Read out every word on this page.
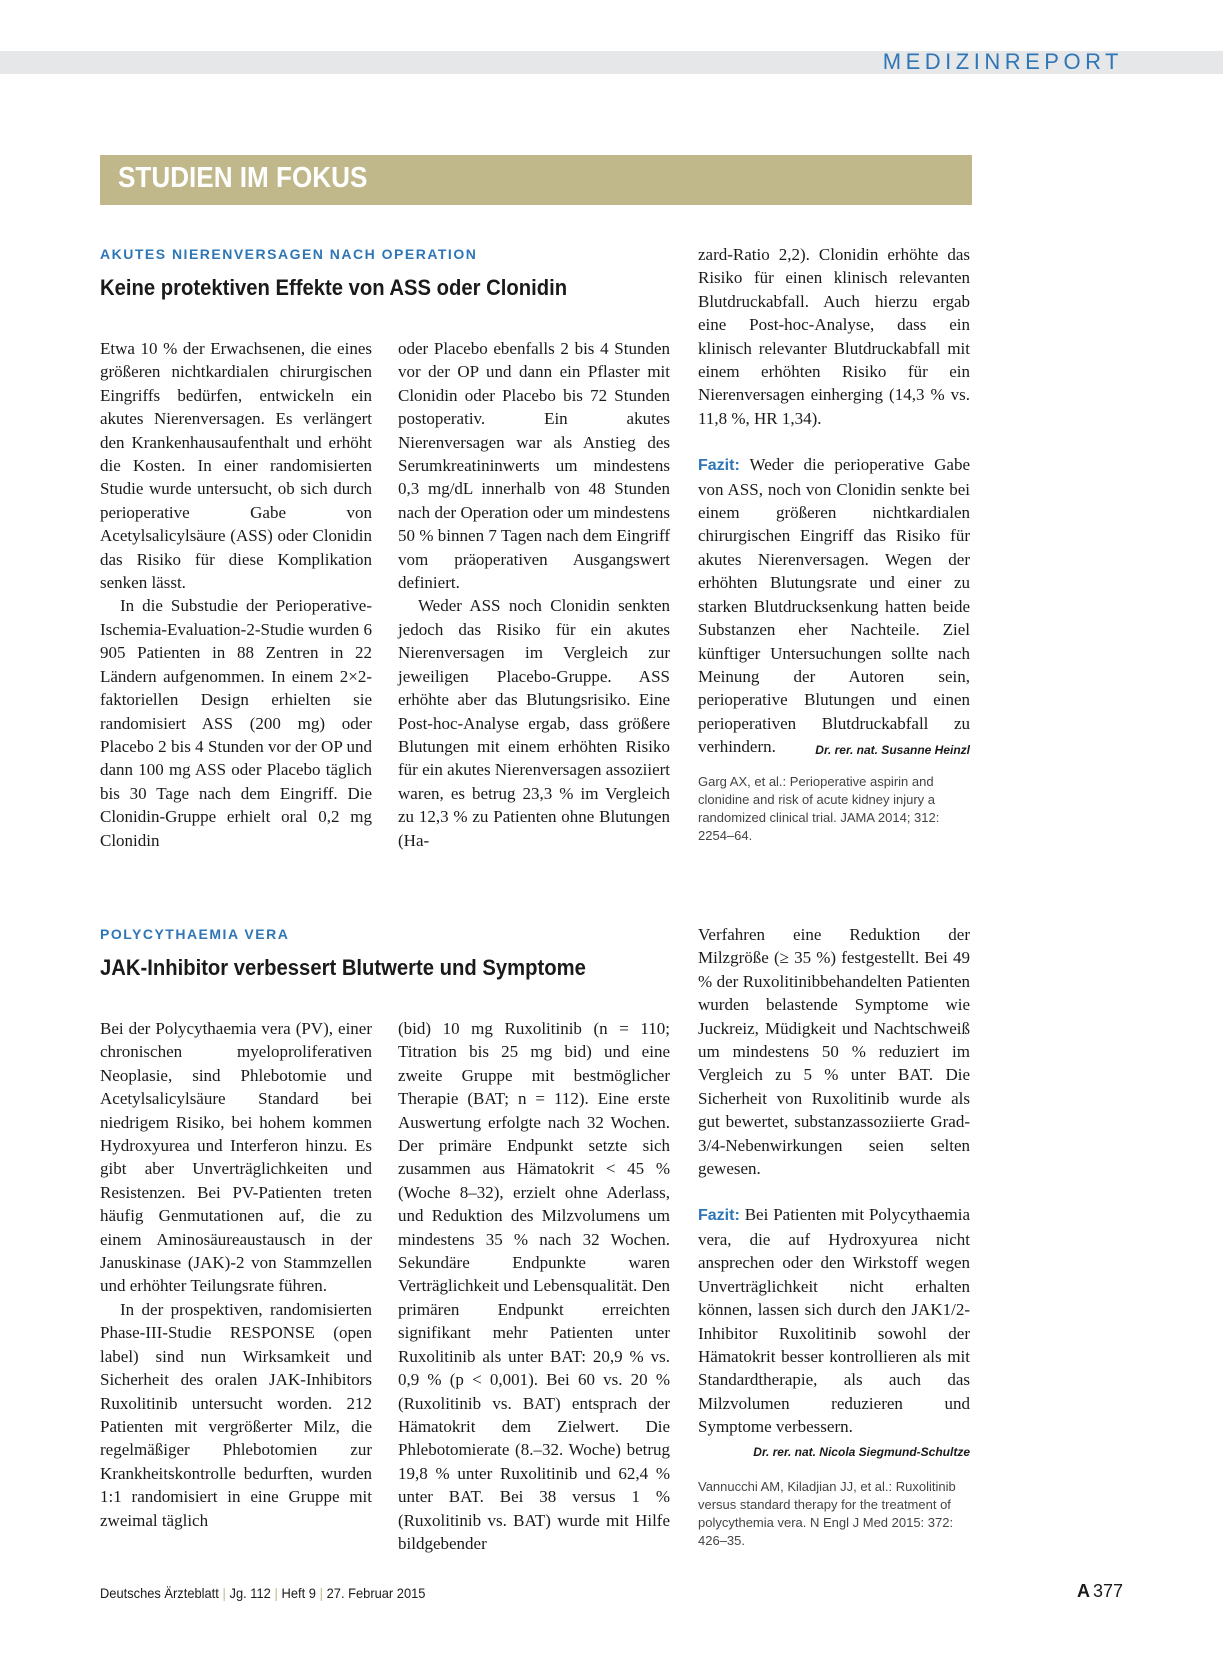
MEDIZINREPORT
STUDIEN IM FOKUS
AKUTES NIERENVERSAGEN NACH OPERATION
Keine protektiven Effekte von ASS oder Clonidin

Etwa 10 % der Erwachsenen, die eines größeren nichtkardialen chirurgischen Eingriffs bedürfen, entwickeln ein akutes Nierenversagen. Es verlängert den Krankenhausaufenthalt und erhöht die Kosten. In einer randomisierten Studie wurde untersucht, ob sich durch perioperative Gabe von Acetylsalicylsäure (ASS) oder Clonidin das Risiko für diese Komplikation senken lässt.

In die Substudie der Perioperative-Ischemia-Evaluation-2-Studie wurden 6 905 Patienten in 88 Zentren in 22 Ländern aufgenommen. In einem 2×2-faktoriellen Design erhielten sie randomisiert ASS (200 mg) oder Placebo 2 bis 4 Stunden vor der OP und dann 100 mg ASS oder Placebo täglich bis 30 Tage nach dem Eingriff. Die Clonidin-Gruppe erhielt oral 0,2 mg Clonidin

oder Placebo ebenfalls 2 bis 4 Stunden vor der OP und dann ein Pflaster mit Clonidin oder Placebo bis 72 Stunden postoperativ. Ein akutes Nierenversagen war als Anstieg des Serumkreatininwerts um mindestens 0,3 mg/dL innerhalb von 48 Stunden nach der Operation oder um mindestens 50 % binnen 7 Tagen nach dem Eingriff vom präoperativen Ausgangswert definiert.

Weder ASS noch Clonidin senkten jedoch das Risiko für ein akutes Nierenversagen im Vergleich zur jeweiligen Placebo-Gruppe. ASS erhöhte aber das Blutungsrisiko. Eine Post-hoc-Analyse ergab, dass größere Blutungen mit einem erhöhten Risiko für ein akutes Nierenversagen assoziiert waren, es betrug 23,3 % im Vergleich zu 12,3 % zu Patienten ohne Blutungen (Ha-

zard-Ratio 2,2). Clonidin erhöhte das Risiko für einen klinisch relevanten Blutdruckabfall. Auch hierzu ergab eine Post-hoc-Analyse, dass ein klinisch relevanter Blutdruckabfall mit einem erhöhten Risiko für ein Nierenversagen einherging (14,3 % vs. 11,8 %, HR 1,34).

Fazit: Weder die perioperative Gabe von ASS, noch von Clonidin senkte bei einem größeren nichtkardialen chirurgischen Eingriff das Risiko für akutes Nierenversagen. Wegen der erhöhten Blutungsrate und einer zu starken Blutdrucksenkung hatten beide Substanzen eher Nachteile. Ziel künftiger Untersuchungen sollte nach Meinung der Autoren sein, perioperative Blutungen und einen perioperativen Blutdruckabfall zu verhindern.	Dr. rer. nat. Susanne Heinzl

Garg AX, et al.: Perioperative aspirin and clonidine and risk of acute kidney injury a randomized clinical trial. JAMA 2014; 312: 2254–64.
POLYCYTHAEMIA VERA
JAK-Inhibitor verbessert Blutwerte und Symptome

Bei der Polycythaemia vera (PV), einer chronischen myeloproliferativen Neoplasie, sind Phlebotomie und Acetylsalicylsäure Standard bei niedrigem Risiko, bei hohem kommen Hydroxyurea und Interferon hinzu. Es gibt aber Unverträglichkeiten und Resistenzen. Bei PV-Patienten treten häufig Genmutationen auf, die zu einem Aminosäureaustausch in der Januskinase (JAK)-2 von Stammzellen und erhöhter Teilungsrate führen.

In der prospektiven, randomisierten Phase-III-Studie RESPONSE (open label) sind nun Wirksamkeit und Sicherheit des oralen JAK-Inhibitors Ruxolitinib untersucht worden. 212 Patienten mit vergrößerter Milz, die regelmäßiger Phlebotomien zur Krankheitskontrolle bedurften, wurden 1:1 randomisiert in eine Gruppe mit zweimal täglich

(bid) 10 mg Ruxolitinib (n = 110; Titration bis 25 mg bid) und eine zweite Gruppe mit bestmöglicher Therapie (BAT; n = 112). Eine erste Auswertung erfolgte nach 32 Wochen. Der primäre Endpunkt setzte sich zusammen aus Hämatokrit < 45 % (Woche 8–32), erzielt ohne Aderlass, und Reduktion des Milzvolumens um mindestens 35 % nach 32 Wochen. Sekundäre Endpunkte waren Verträglichkeit und Lebensqualität. Den primären Endpunkt erreichten signifikant mehr Patienten unter Ruxolitinib als unter BAT: 20,9 % vs. 0,9 % (p < 0,001). Bei 60 vs. 20 % (Ruxolitinib vs. BAT) entsprach der Hämatokrit dem Zielwert. Die Phlebotomierate (8.–32. Woche) betrug 19,8 % unter Ruxolitinib und 62,4 % unter BAT. Bei 38 versus 1 % (Ruxolitinib vs. BAT) wurde mit Hilfe bildgebender

Verfahren eine Reduktion der Milzgröße (≥ 35 %) festgestellt. Bei 49 % der Ruxolitinibbehandelten Patienten wurden belastende Symptome wie Juckreiz, Müdigkeit und Nachtschweiß um mindestens 50 % reduziert im Vergleich zu 5 % unter BAT. Die Sicherheit von Ruxolitinib wurde als gut bewertet, substanzassoziierte Grad-3/4-Nebenwirkungen seien selten gewesen.

Fazit: Bei Patienten mit Polycythaemia vera, die auf Hydroxyurea nicht ansprechen oder den Wirkstoff wegen Unverträglichkeit nicht erhalten können, lassen sich durch den JAK1/2-Inhibitor Ruxolitinib sowohl der Hämatokrit besser kontrollieren als mit Standardtherapie, als auch das Milzvolumen reduzieren und Symptome verbessern.

Dr. rer. nat. Nicola Siegmund-Schultze
Vannucchi AM, Kiladjian JJ, et al.: Ruxolitinib versus standard therapy for the treatment of polycythemia vera. N Engl J Med 2015: 372: 426–35.
Deutsches Ärzteblatt | Jg. 112 | Heft 9 | 27. Februar 2015	A 377
